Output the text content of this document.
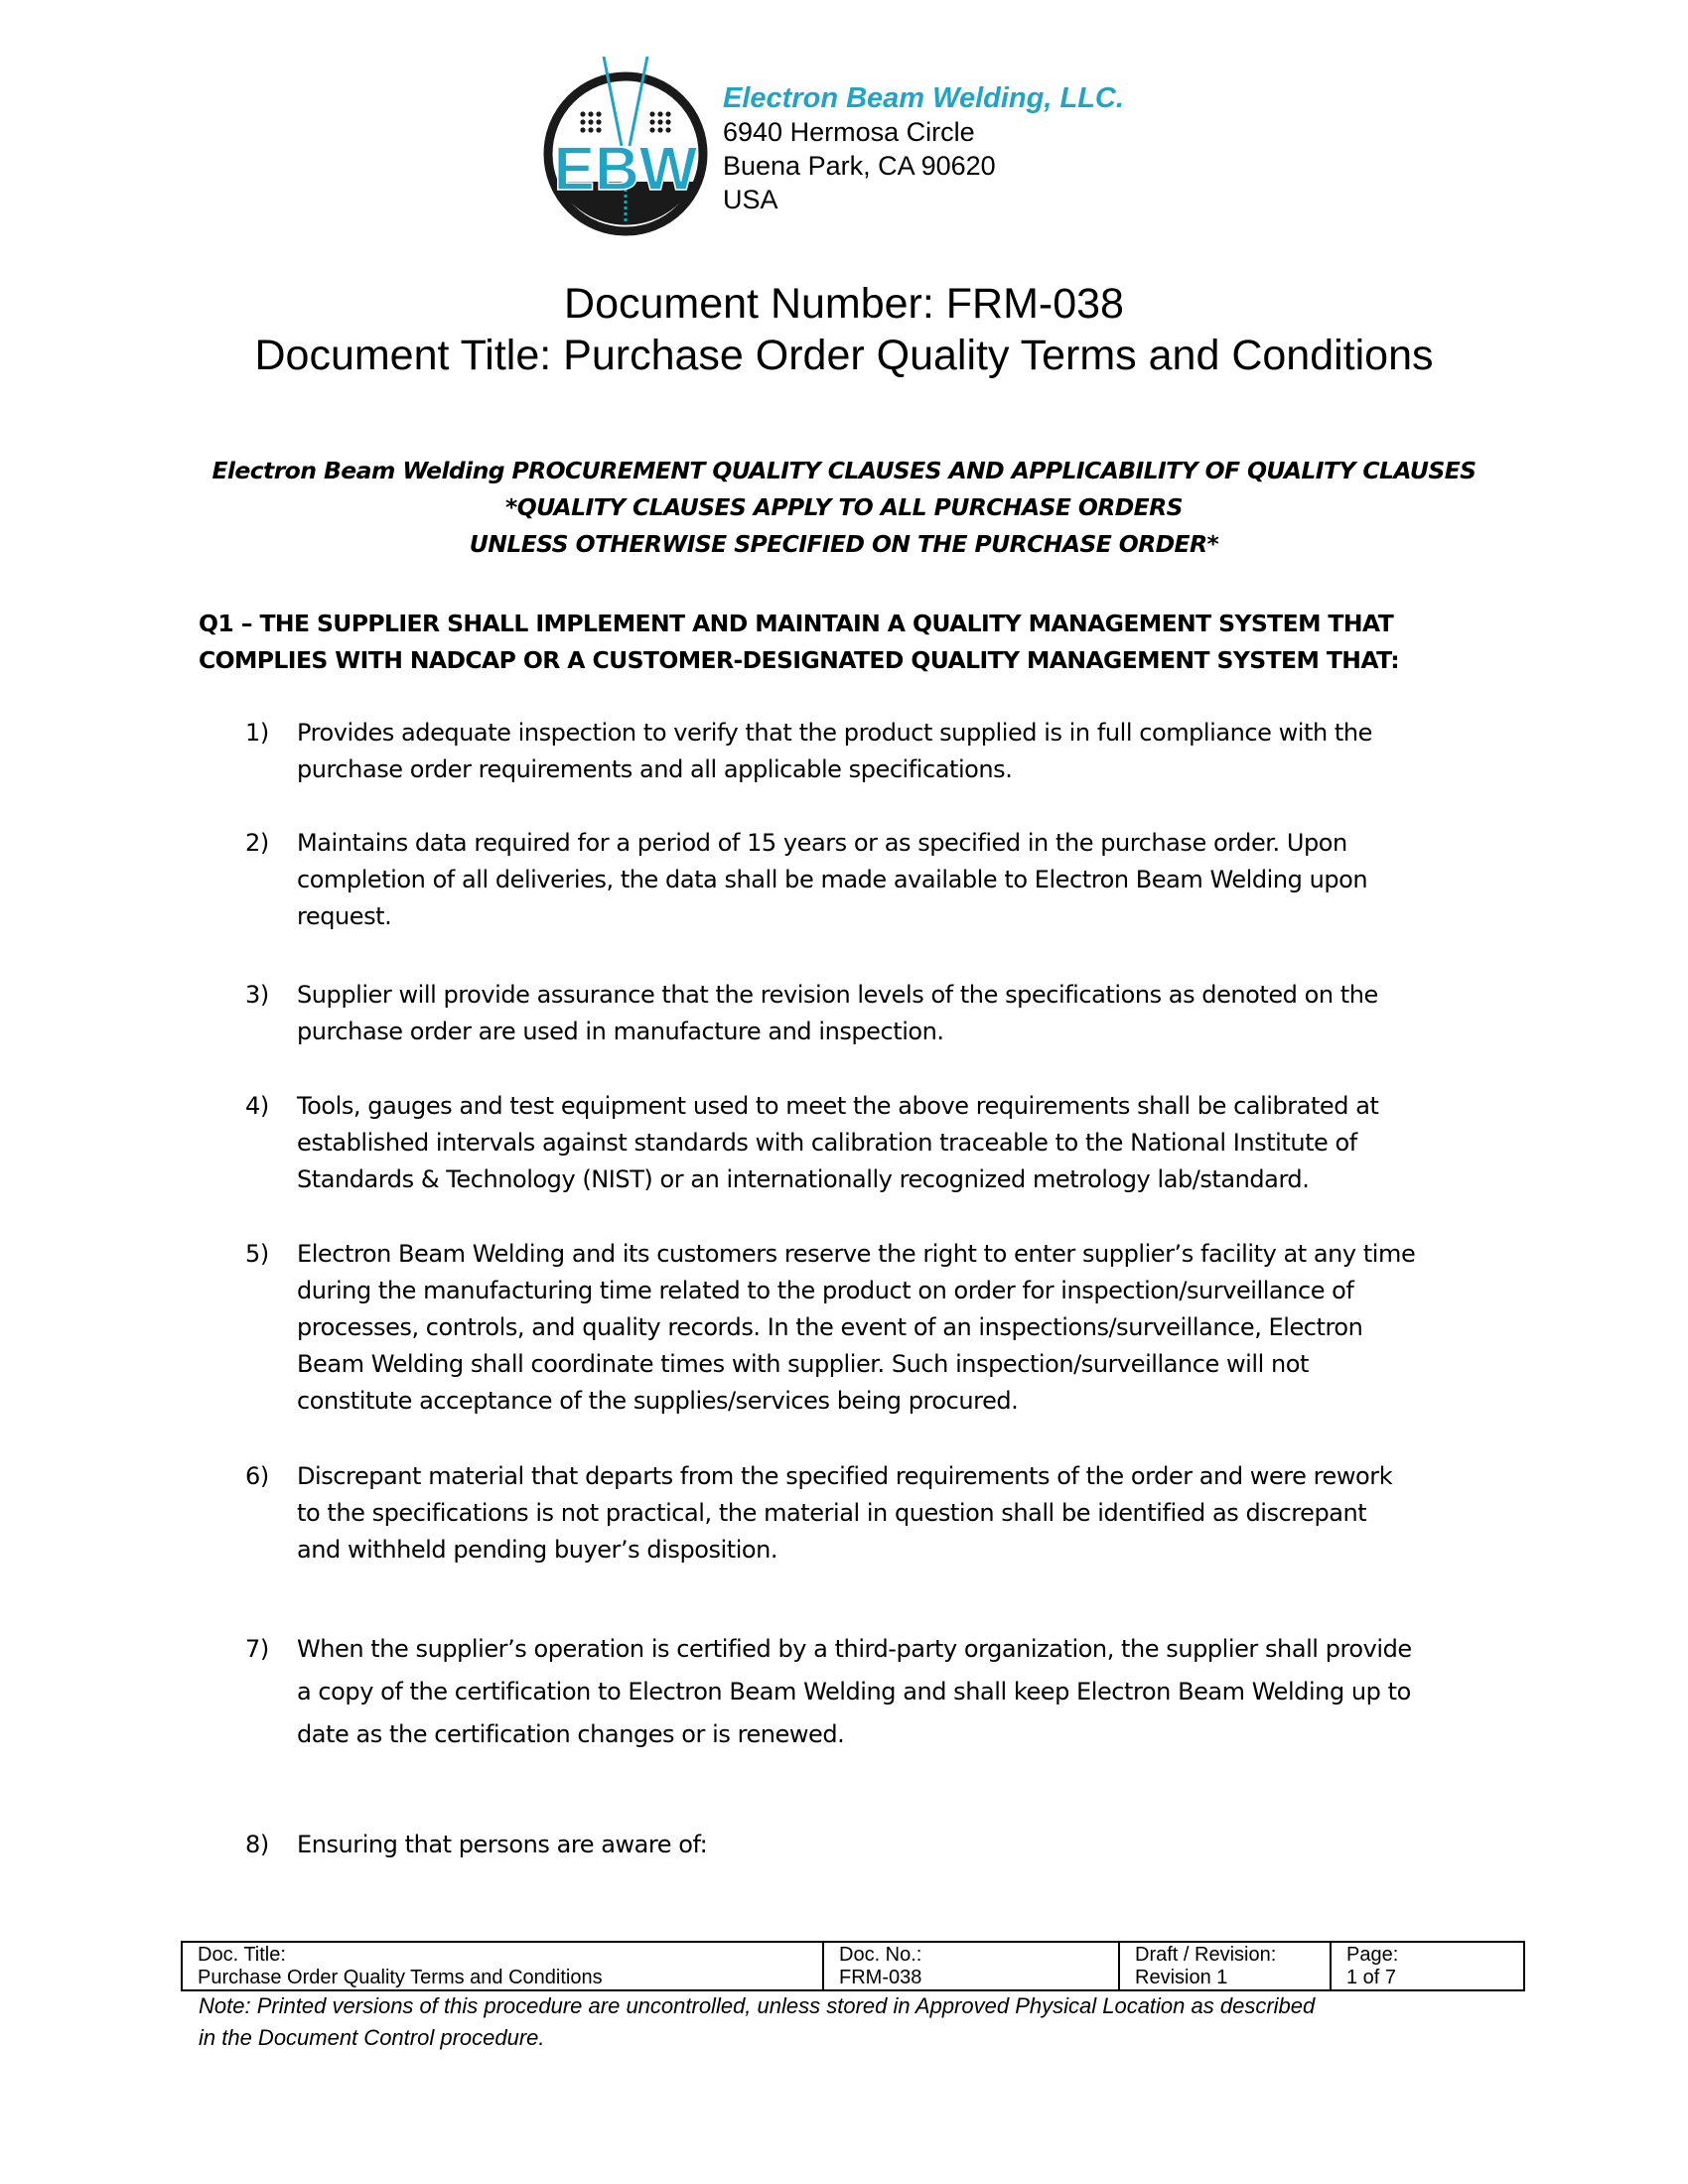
EBW
Electron Beam Welding, LLC.
6940 Hermosa Circle
Buena Park, CA 90620
USA
Document Number: FRM-038
Document Title: Purchase Order Quality Terms and Conditions
Electron Beam Welding PROCUREMENT QUALITY CLAUSES AND APPLICABILITY OF QUALITY CLAUSES
*QUALITY CLAUSES APPLY TO ALL PURCHASE ORDERS
UNLESS OTHERWISE SPECIFIED ON THE PURCHASE ORDER*
Q1 – THE SUPPLIER SHALL IMPLEMENT AND MAINTAIN A QUALITY MANAGEMENT SYSTEM THAT
COMPLIES WITH NADCAP OR A CUSTOMER-DESIGNATED QUALITY MANAGEMENT SYSTEM THAT:
1) Provides adequate inspection to verify that the product supplied is in full compliance with the
purchase order requirements and all applicable specifications.
2) Maintains data required for a period of 15 years or as specified in the purchase order. Upon
completion of all deliveries, the data shall be made available to Electron Beam Welding upon
request.
3) Supplier will provide assurance that the revision levels of the specifications as denoted on the
purchase order are used in manufacture and inspection.
4) Tools, gauges and test equipment used to meet the above requirements shall be calibrated at
established intervals against standards with calibration traceable to the National Institute of
Standards & Technology (NIST) or an internationally recognized metrology lab/standard.
5) Electron Beam Welding and its customers reserve the right to enter supplier’s facility at any time
during the manufacturing time related to the product on order for inspection/surveillance of
processes, controls, and quality records. In the event of an inspections/surveillance, Electron
Beam Welding shall coordinate times with supplier. Such inspection/surveillance will not
constitute acceptance of the supplies/services being procured.
6) Discrepant material that departs from the specified requirements of the order and were rework
to the specifications is not practical, the material in question shall be identified as discrepant
and withheld pending buyer’s disposition.
7) When the supplier’s operation is certified by a third-party organization, the supplier shall provide
a copy of the certification to Electron Beam Welding and shall keep Electron Beam Welding up to
date as the certification changes or is renewed.
8) Ensuring that persons are aware of:
Doc. Title:
Purchase Order Quality Terms and Conditions
Doc. No.:
FRM-038
Draft / Revision:
Revision 1
Page:
1 of 7
Note: Printed versions of this procedure are uncontrolled, unless stored in Approved Physical Location as described
in the Document Control procedure.
